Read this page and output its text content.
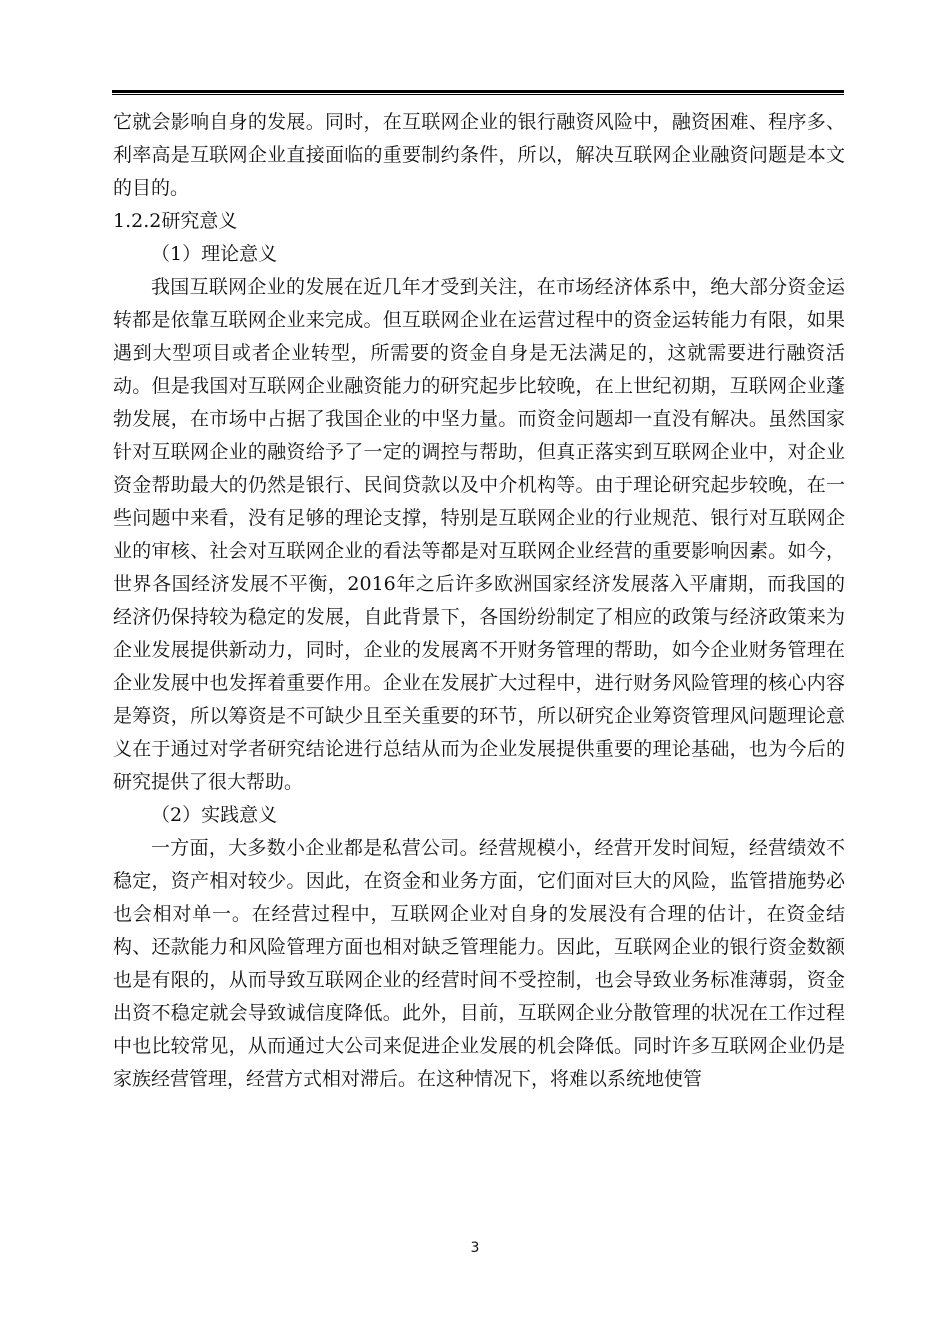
它就会影响自身的发展。同时，在互联网企业的银行融资风险中，融资困难、程序多、利率高是互联网企业直接面临的重要制约条件，所以，解决互联网企业融资问题是本文的目的。

1.2.2研究意义

（1）理论意义

我国互联网企业的发展在近几年才受到关注，在市场经济体系中，绝大部分资金运转都是依靠互联网企业来完成。但互联网企业在运营过程中的资金运转能力有限，如果遇到大型项目或者企业转型，所需要的资金自身是无法满足的，这就需要进行融资活动。但是我国对互联网企业融资能力的研究起步比较晚，在上世纪初期，互联网企业蓬勃发展，在市场中占据了我国企业的中坚力量。而资金问题却一直没有解决。虽然国家针对互联网企业的融资给予了一定的调控与帮助，但真正落实到互联网企业中，对企业资金帮助最大的仍然是银行、民间贷款以及中介机构等。由于理论研究起步较晚，在一些问题中来看，没有足够的理论支撑，特别是互联网企业的行业规范、银行对互联网企业的审核、社会对互联网企业的看法等都是对互联网企业经营的重要影响因素。如今，世界各国经济发展不平衡，2016年之后许多欧洲国家经济发展落入平庸期，而我国的经济仍保持较为稳定的发展，自此背景下，各国纷纷制定了相应的政策与经济政策来为企业发展提供新动力，同时，企业的发展离不开财务管理的帮助，如今企业财务管理在企业发展中也发挥着重要作用。企业在发展扩大过程中，进行财务风险管理的核心内容是筹资，所以筹资是不可缺少且至关重要的环节，所以研究企业筹资管理风问题理论意义在于通过对学者研究结论进行总结从而为企业发展提供重要的理论基础，也为今后的研究提供了很大帮助。

（2）实践意义

一方面，大多数小企业都是私营公司。经营规模小，经营开发时间短，经营绩效不稳定，资产相对较少。因此，在资金和业务方面，它们面对巨大的风险，监管措施势必也会相对单一。在经营过程中，互联网企业对自身的发展没有合理的估计，在资金结构、还款能力和风险管理方面也相对缺乏管理能力。因此，互联网企业的银行资金数额也是有限的，从而导致互联网企业的经营时间不受控制，也会导致业务标准薄弱，资金出资不稳定就会导致诚信度降低。此外，目前，互联网企业分散管理的状况在工作过程中也比较常见，从而通过大公司来促进企业发展的机会降低。同时许多互联网企业仍是家族经营管理，经营方式相对滞后。在这种情况下，将难以系统地使管

3
